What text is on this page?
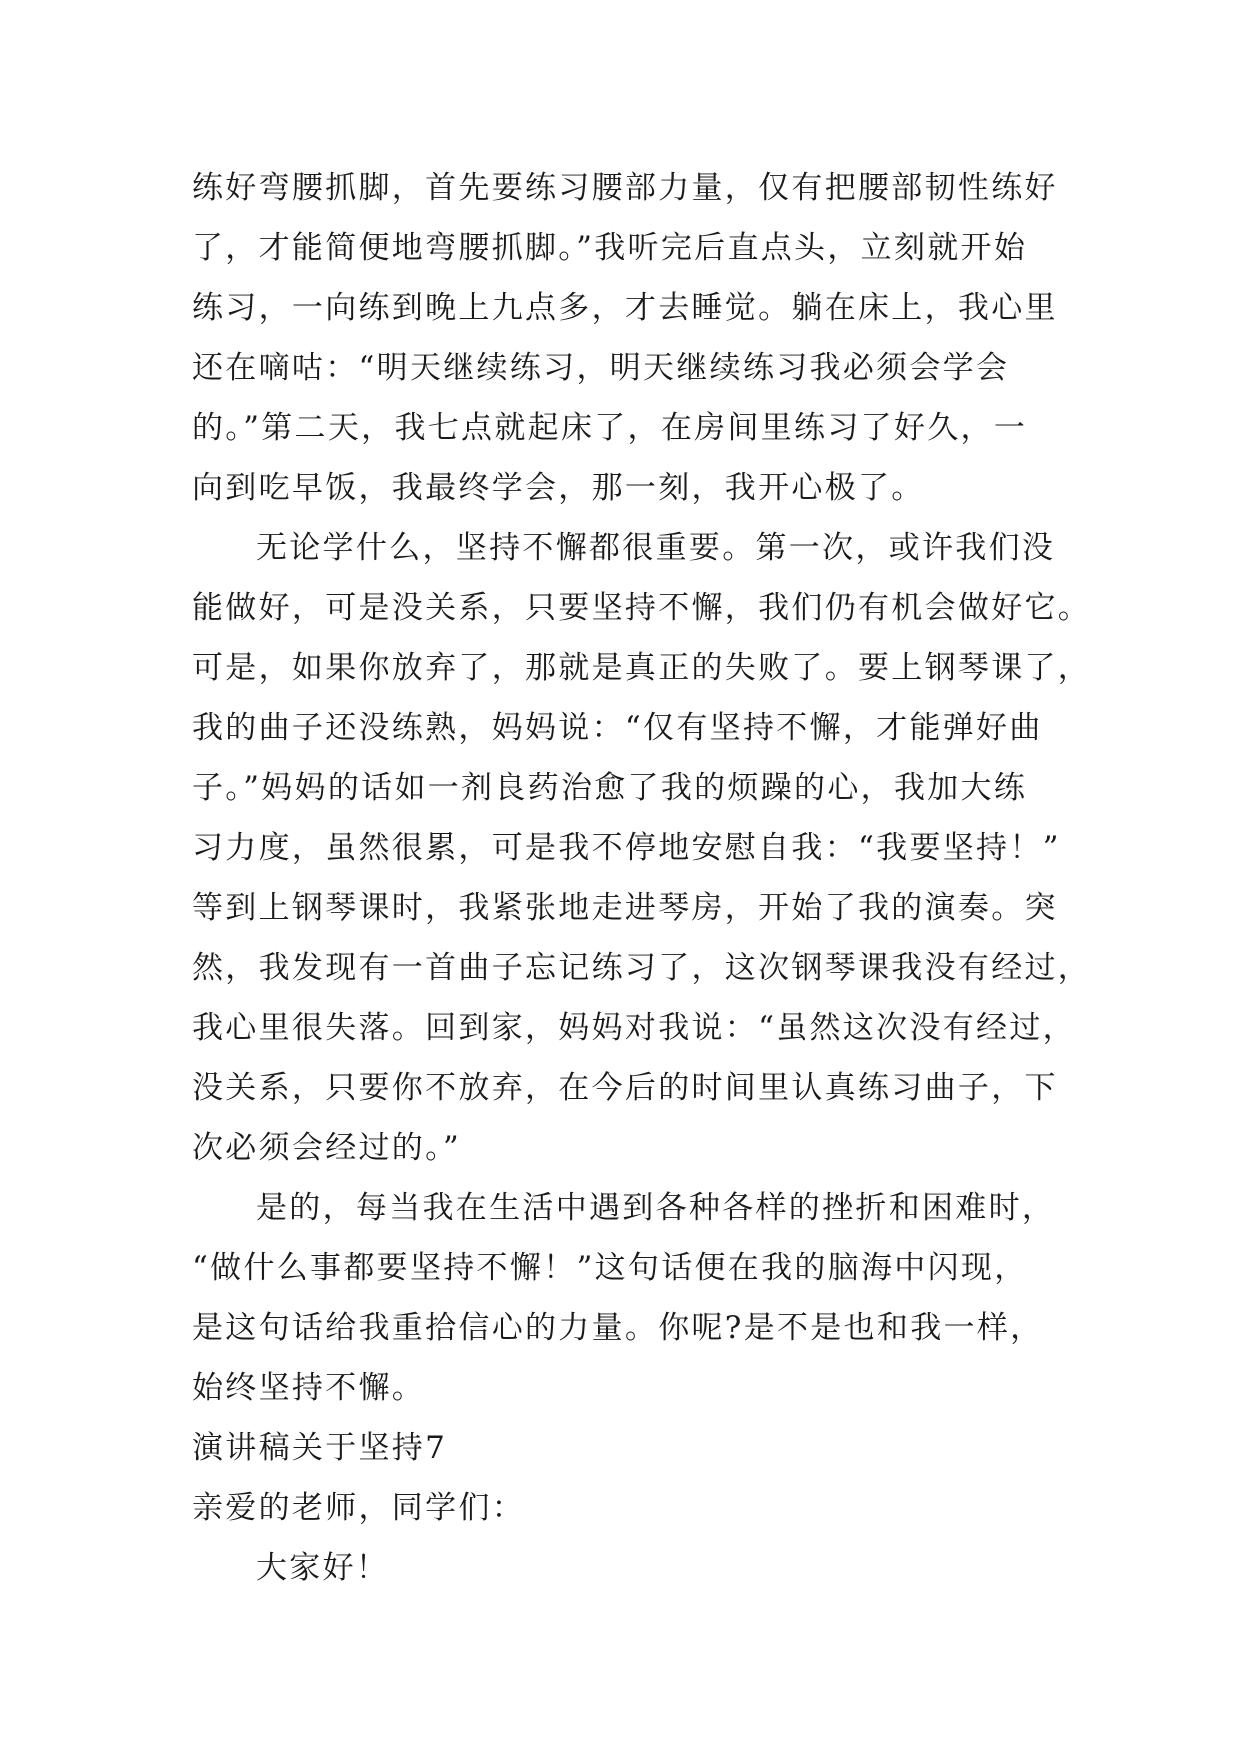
练好弯腰抓脚，首先要练习腰部力量，仅有把腰部韧性练好
了，才能简便地弯腰抓脚。”我听完后直点头，立刻就开始
练习，一向练到晚上九点多，才去睡觉。躺在床上，我心里
还在嘀咕：“明天继续练习，明天继续练习我必须会学会
的。”第二天，我七点就起床了，在房间里练习了好久，一
向到吃早饭，我最终学会，那一刻，我开心极了。
无论学什么，坚持不懈都很重要。第一次，或许我们没
能做好，可是没关系，只要坚持不懈，我们仍有机会做好它。
可是，如果你放弃了，那就是真正的失败了。要上钢琴课了，
我的曲子还没练熟，妈妈说：“仅有坚持不懈，才能弹好曲
子。”妈妈的话如一剂良药治愈了我的烦躁的心，我加大练
习力度，虽然很累，可是我不停地安慰自我：“我要坚持！”
等到上钢琴课时，我紧张地走进琴房，开始了我的演奏。突
然，我发现有一首曲子忘记练习了，这次钢琴课我没有经过，
我心里很失落。回到家，妈妈对我说：“虽然这次没有经过，
没关系，只要你不放弃，在今后的时间里认真练习曲子，下
次必须会经过的。”
是的，每当我在生活中遇到各种各样的挫折和困难时，
“做什么事都要坚持不懈！”这句话便在我的脑海中闪现，
是这句话给我重拾信心的力量。你呢?是不是也和我一样，
始终坚持不懈。
演讲稿关于坚持7
亲爱的老师，同学们：
大家好！
